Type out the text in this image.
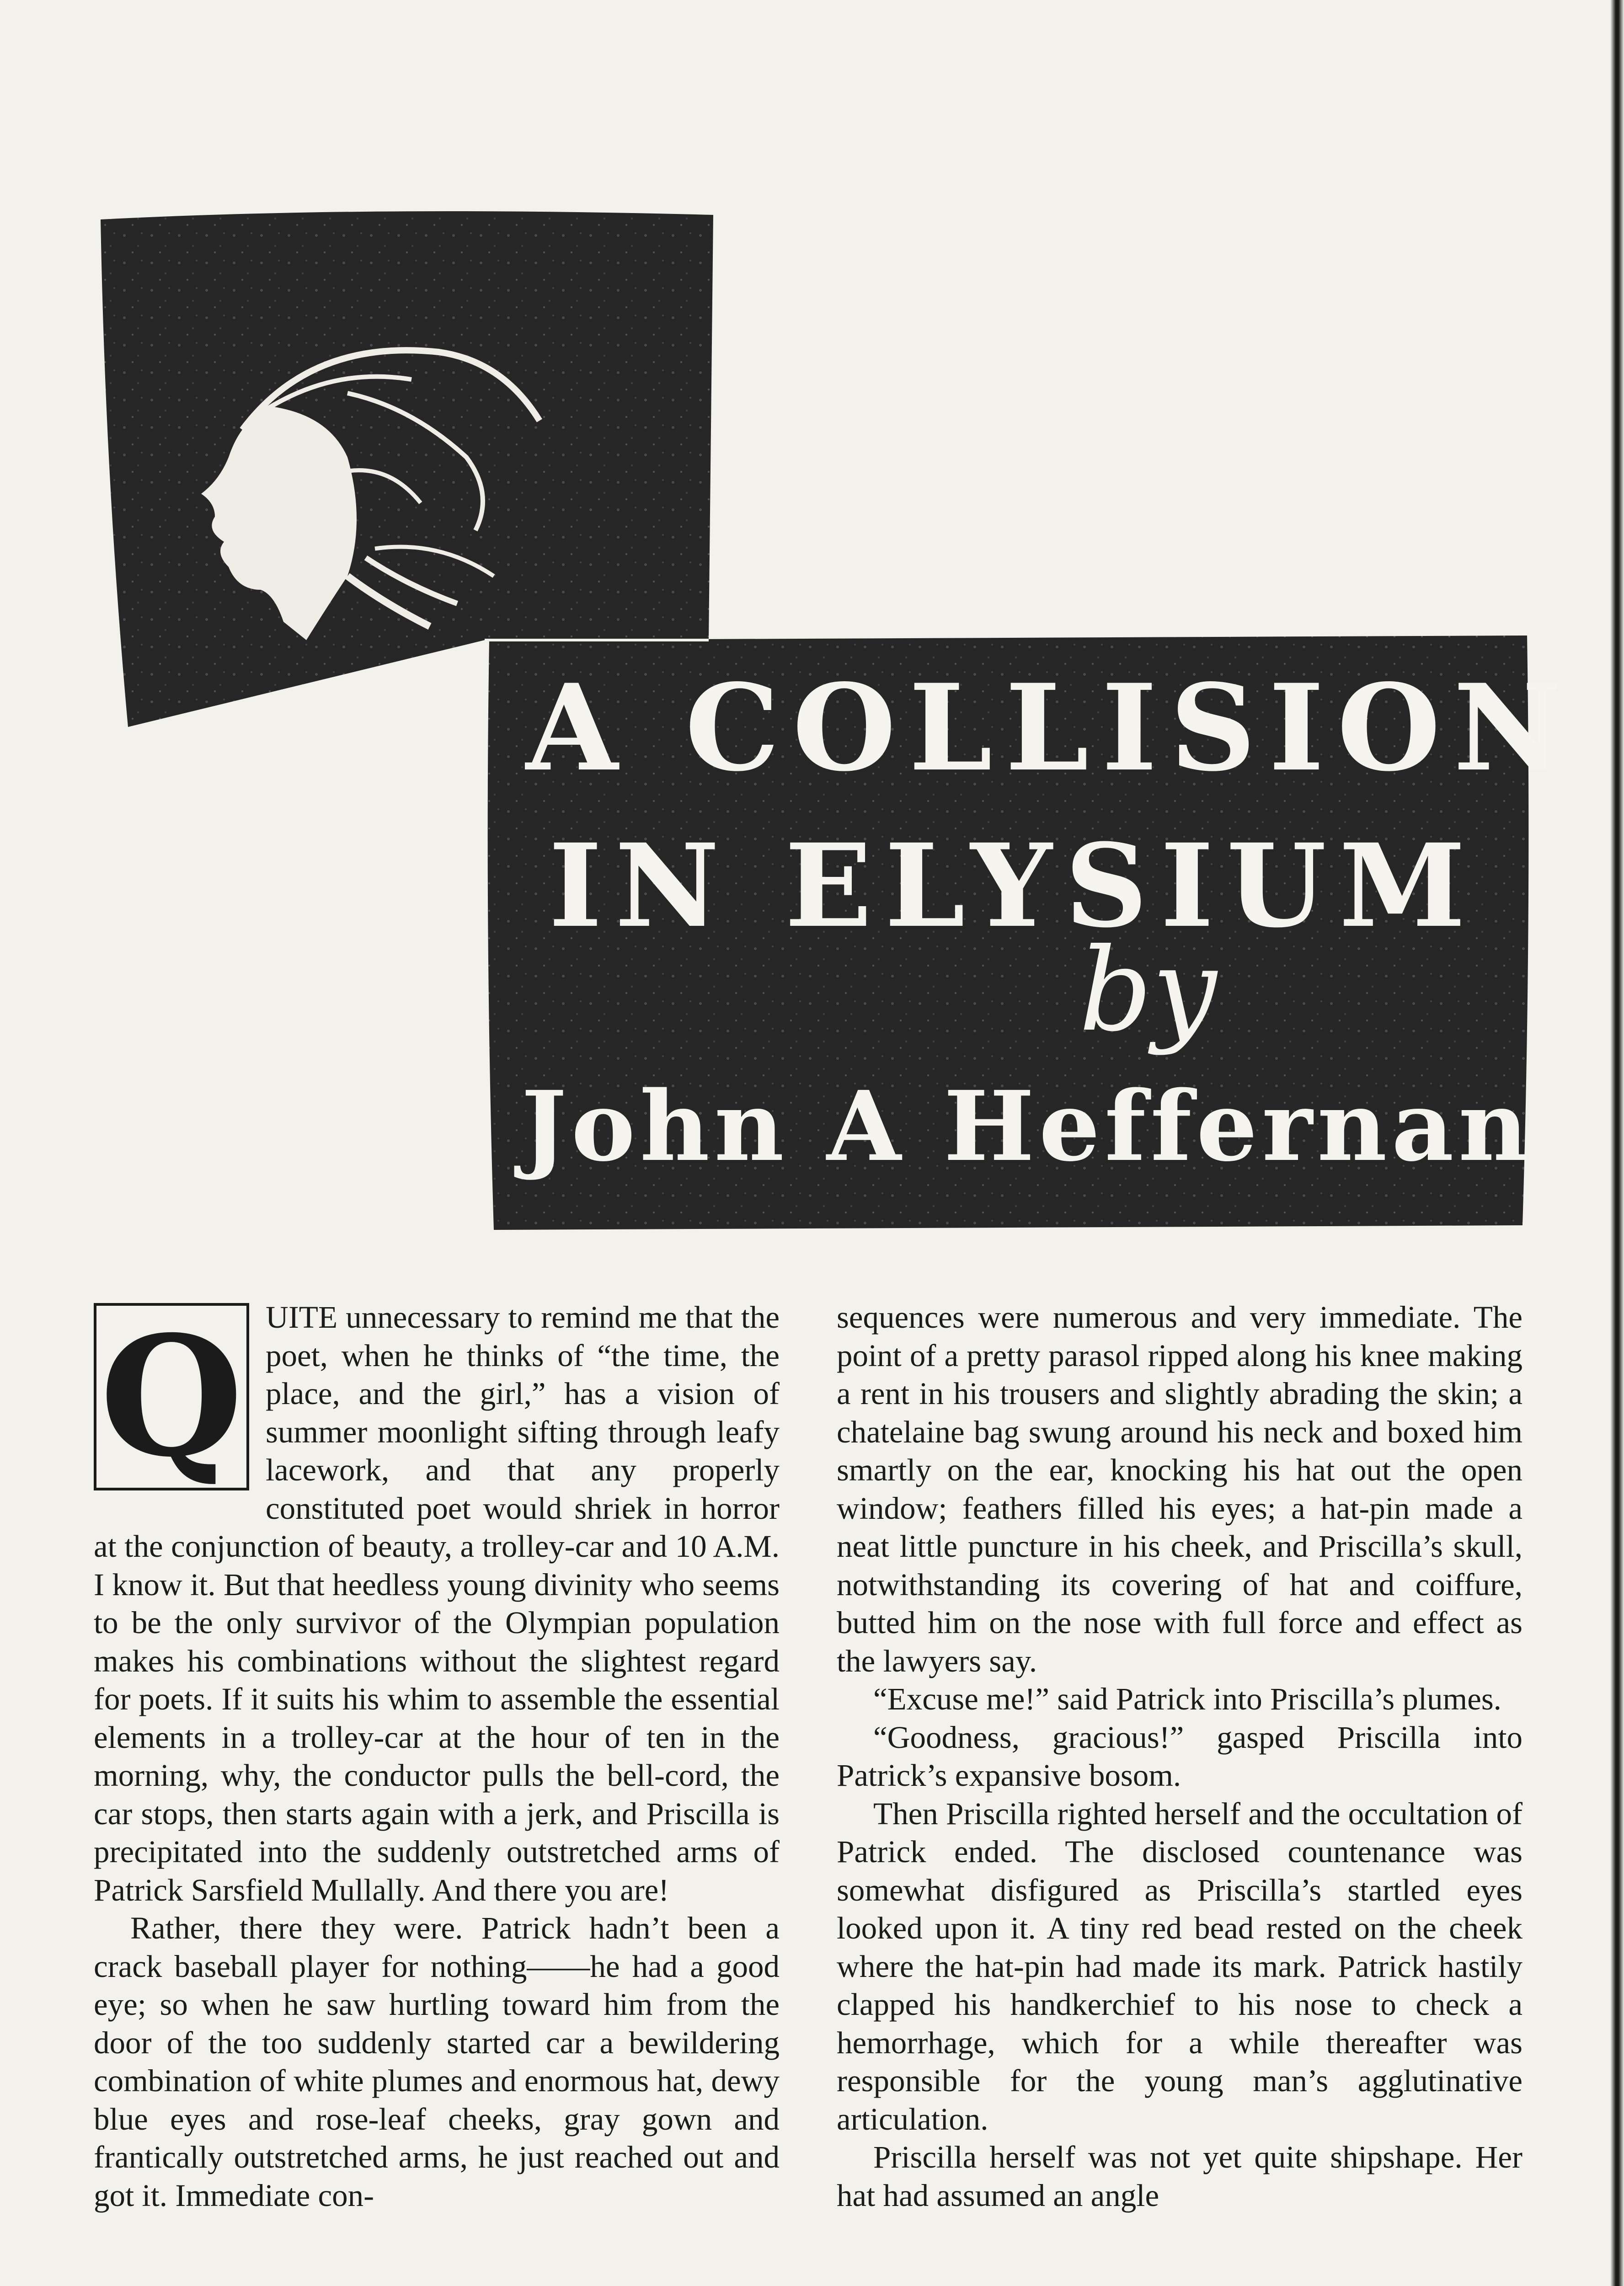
A COLLISION
IN ELYSIUM
by
John A Heffernan

Q UITE unnecessary to remind me that the poet, when he thinks of “the time, the place, and the girl,” has a vision of summer moonlight sifting through leafy lacework, and that any properly constituted poet would shriek in horror at the conjunction of beauty, a trolley-car and 10 A.M. I know it. But that heedless young divinity who seems to be the only survivor of the Olympian population makes his combinations without the slightest regard for poets. If it suits his whim to assemble the essential elements in a trolley-car at the hour of ten in the morning, why, the conductor pulls the bell-cord, the car stops, then starts again with a jerk, and Priscilla is precipitated into the suddenly outstretched arms of Patrick Sarsfield Mullally. And there you are!

Rather, there they were. Patrick hadn’t been a crack baseball player for nothing——he had a good eye; so when he saw hurtling toward him from the door of the too suddenly started car a bewildering combination of white plumes and enormous hat, dewy blue eyes and rose-leaf cheeks, gray gown and frantically outstretched arms, he just reached out and got it. Immediate con-

sequences were numerous and very immediate. The point of a pretty parasol ripped along his knee making a rent in his trousers and slightly abrading the skin; a chatelaine bag swung around his neck and boxed him smartly on the ear, knocking his hat out the open window; feathers filled his eyes; a hat-pin made a neat little puncture in his cheek, and Priscilla’s skull, notwithstanding its covering of hat and coiffure, butted him on the nose with full force and effect as the lawyers say.

“Excuse me!” said Patrick into Priscilla’s plumes.

“Goodness, gracious!” gasped Priscilla into Patrick’s expansive bosom.

Then Priscilla righted herself and the occultation of Patrick ended. The disclosed countenance was somewhat disfigured as Priscilla’s startled eyes looked upon it. A tiny red bead rested on the cheek where the hat-pin had made its mark. Patrick hastily clapped his handkerchief to his nose to check a hemorrhage, which for a while thereafter was responsible for the young man’s agglutinative articulation.

Priscilla herself was not yet quite shipshape. Her hat had assumed an angle
